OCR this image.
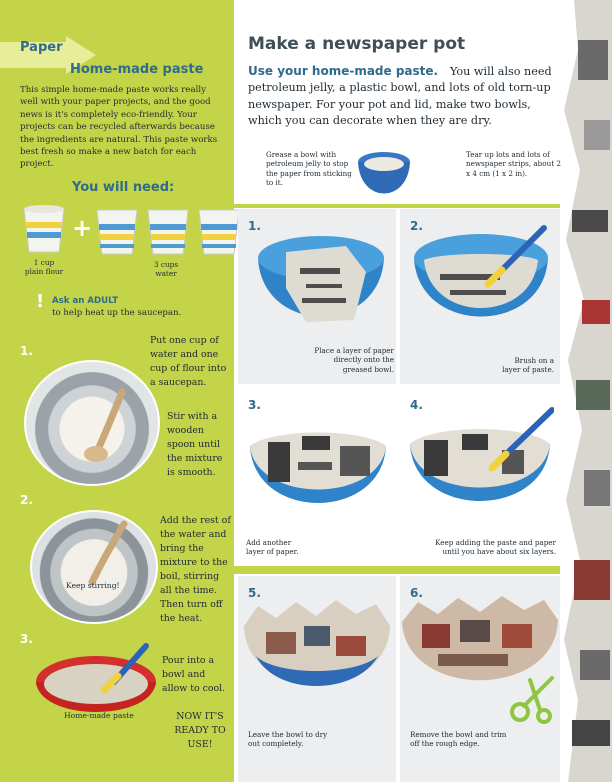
Paper
Home-made paste
This simple home-made paste works really well with your paper projects, and the good news is it's completely eco-friendly. Your projects can be recycled afterwards because the ingredients are natural. This paste works best fresh so make a new batch for each project.
You will need:
1 cup
plain flour
+
3 cups
water
! Ask an ADULT
to help heat up the saucepan.
1.
Put one cup of water and one cup of flour into a saucepan.
Stir with a wooden spoon until the mixture is smooth.
2.
Add the rest of the water and bring the mixture to the boil, stirring all the time. Then turn off the heat.
Keep stirring!
3.
Pour into a bowl and allow to cool.
Home-made paste	NOW IT'S READY TO USE!
Make a newspaper pot
You will also need petroleum jelly, a plastic bowl, and lots of old torn-up newspaper. For your pot and lid, make two bowls, which you can decorate when they are dry.
Use your home-made paste.
Grease a bowl with petroleum jelly to stop the paper from sticking to it.
Tear up lots and lots of newspaper strips, about 2 x 4 cm (1 x 2 in).
1.	2.
3.	4.
5.	6.
Place a layer of paper directly onto the greased bowl.
Brush on a layer of paste.
Add another layer of paper.
Keep adding the paste and paper until you have about six layers.
Leave the bowl to dry out completely.
Remove the bowl and trim off the rough edge.
